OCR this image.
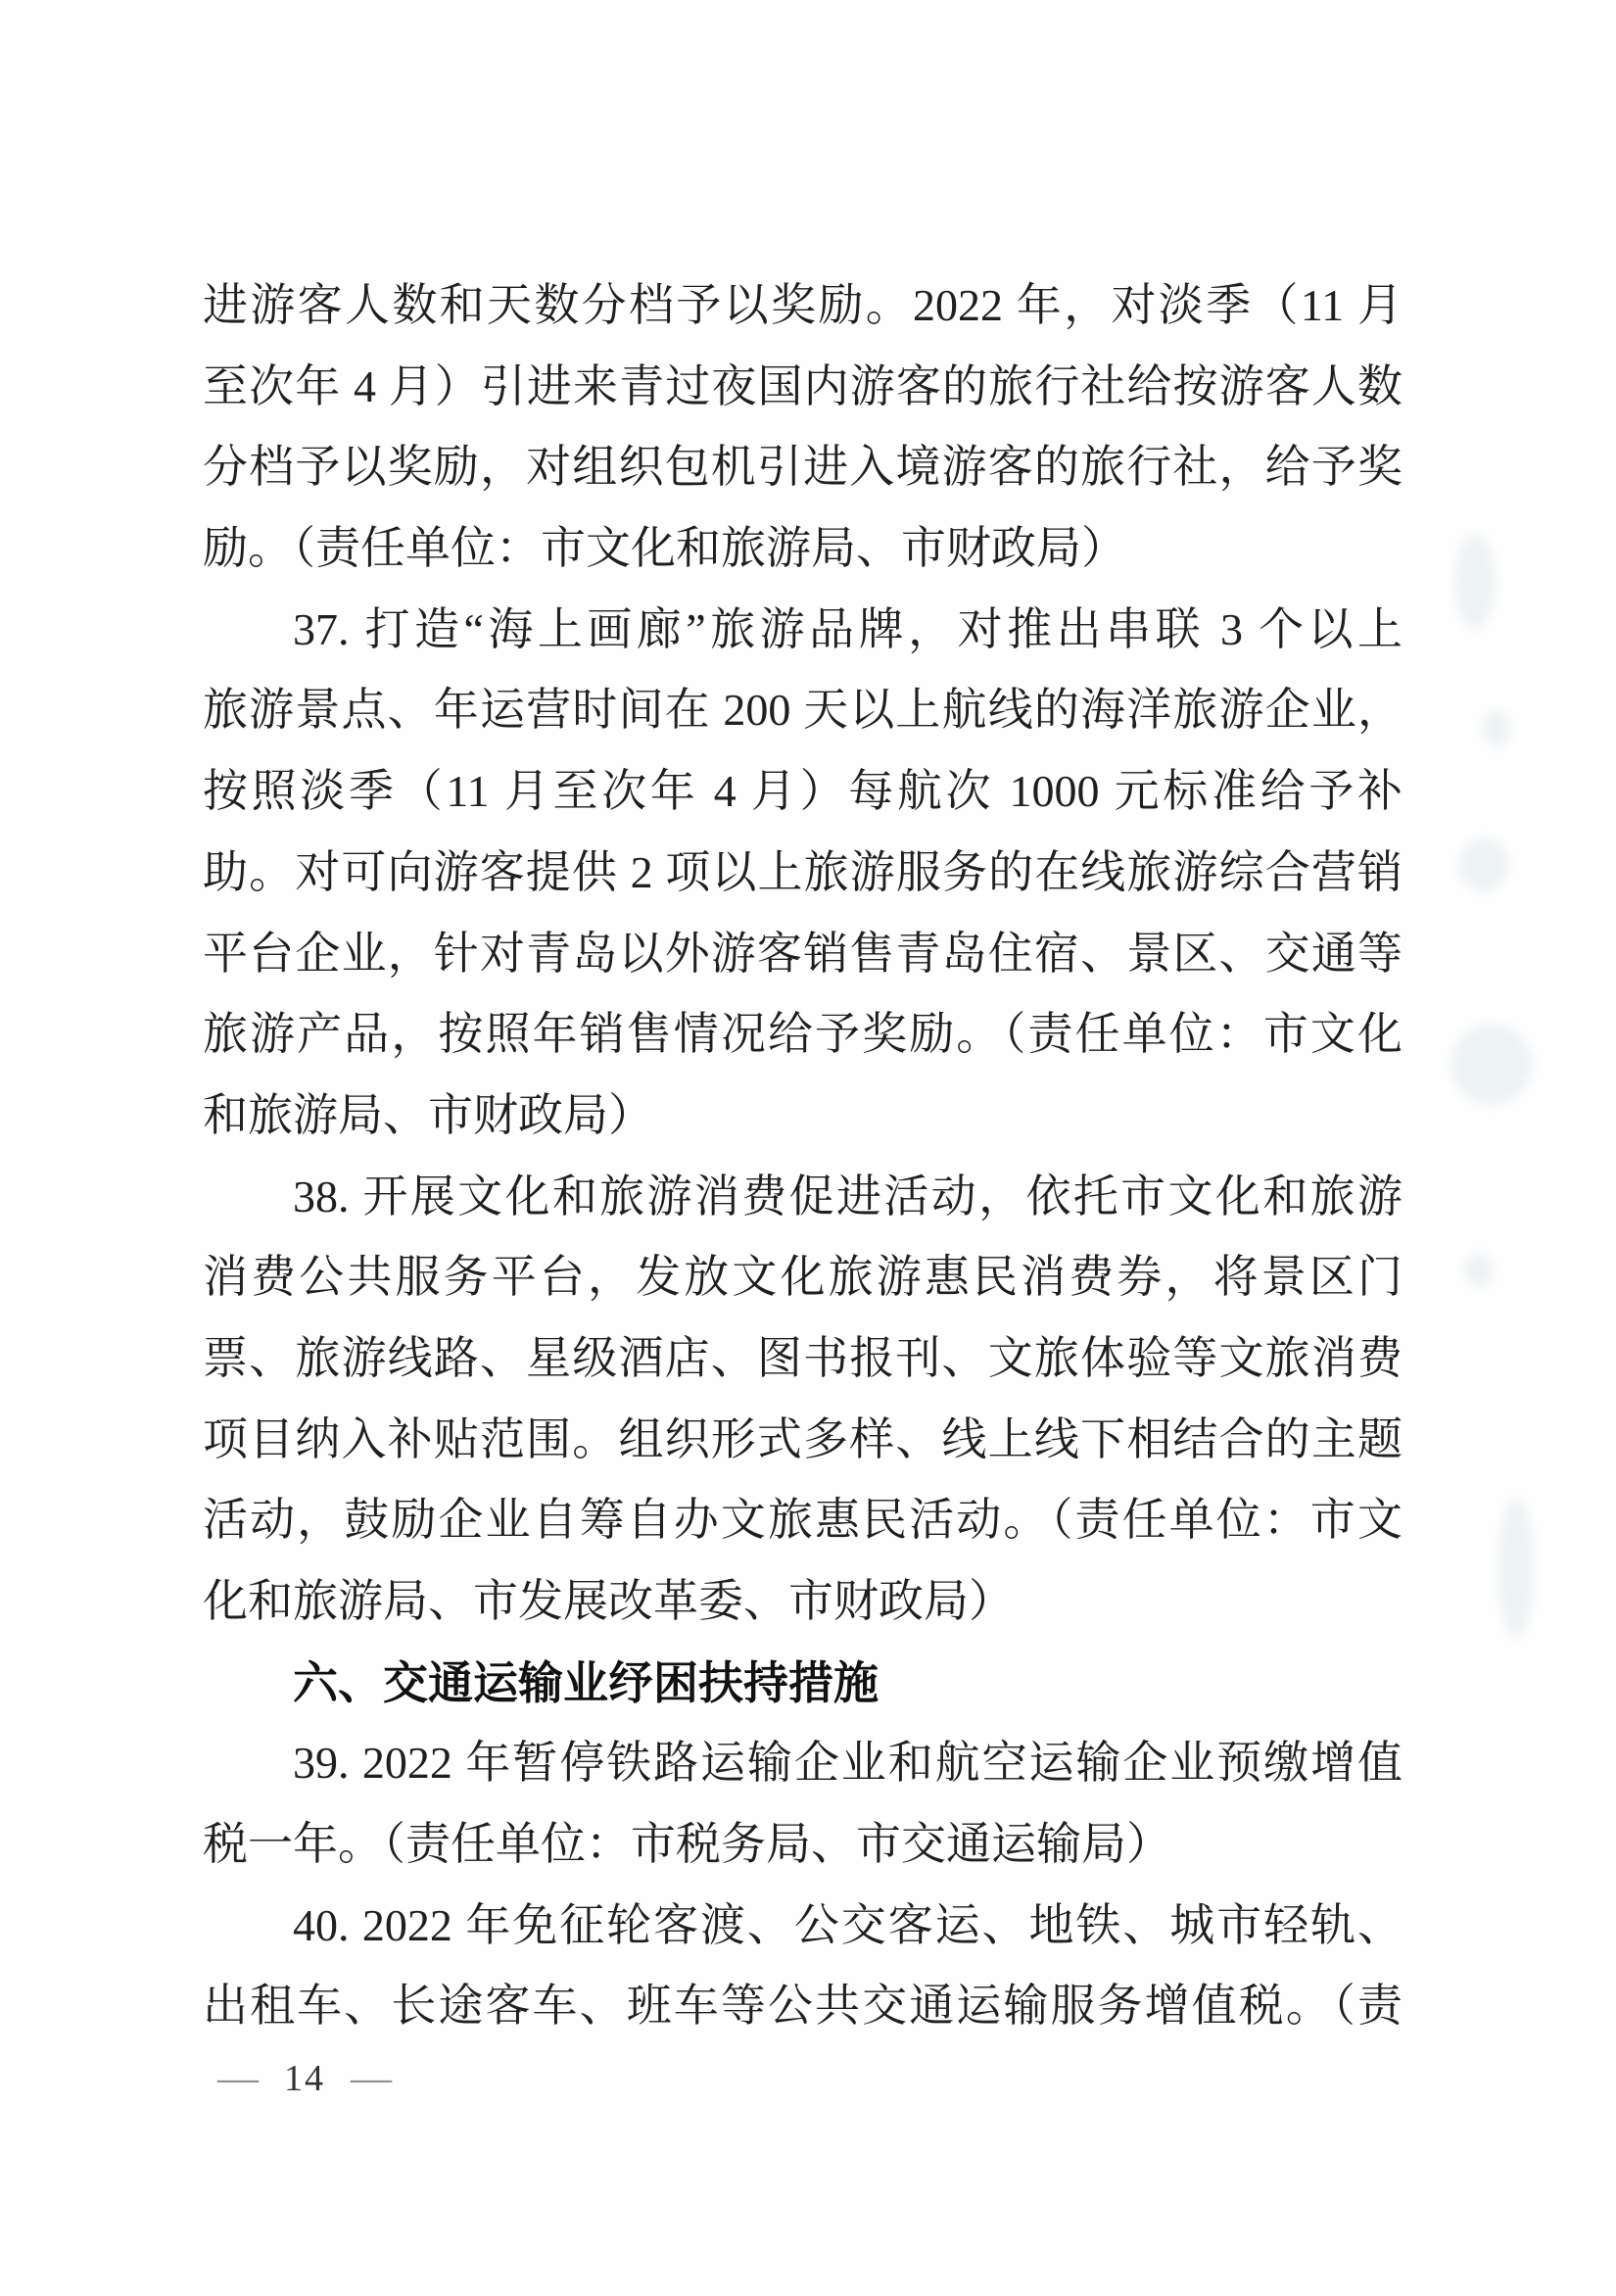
进游客人数和天数分档予以奖励。2022 年，对淡季（11 月
至次年 4 月）引进来青过夜国内游客的旅行社给按游客人数
分档予以奖励，对组织包机引进入境游客的旅行社，给予奖
励。（责任单位：市文化和旅游局、市财政局）
37. 打造“海上画廊”旅游品牌，对推出串联 3 个以上
旅游景点、年运营时间在 200 天以上航线的海洋旅游企业，
按照淡季（11 月至次年 4 月）每航次 1000 元标准给予补
助。对可向游客提供 2 项以上旅游服务的在线旅游综合营销
平台企业，针对青岛以外游客销售青岛住宿、景区、交通等
旅游产品，按照年销售情况给予奖励。（责任单位：市文化
和旅游局、市财政局）
38. 开展文化和旅游消费促进活动，依托市文化和旅游
消费公共服务平台，发放文化旅游惠民消费券，将景区门
票、旅游线路、星级酒店、图书报刊、文旅体验等文旅消费
项目纳入补贴范围。组织形式多样、线上线下相结合的主题
活动，鼓励企业自筹自办文旅惠民活动。（责任单位：市文
化和旅游局、市发展改革委、市财政局）
六、交通运输业纾困扶持措施
39. 2022 年暂停铁路运输企业和航空运输企业预缴增值
税一年。（责任单位：市税务局、市交通运输局）
40. 2022 年免征轮客渡、公交客运、地铁、城市轻轨、
出租车、长途客车、班车等公共交通运输服务增值税。（责
— 14 —
